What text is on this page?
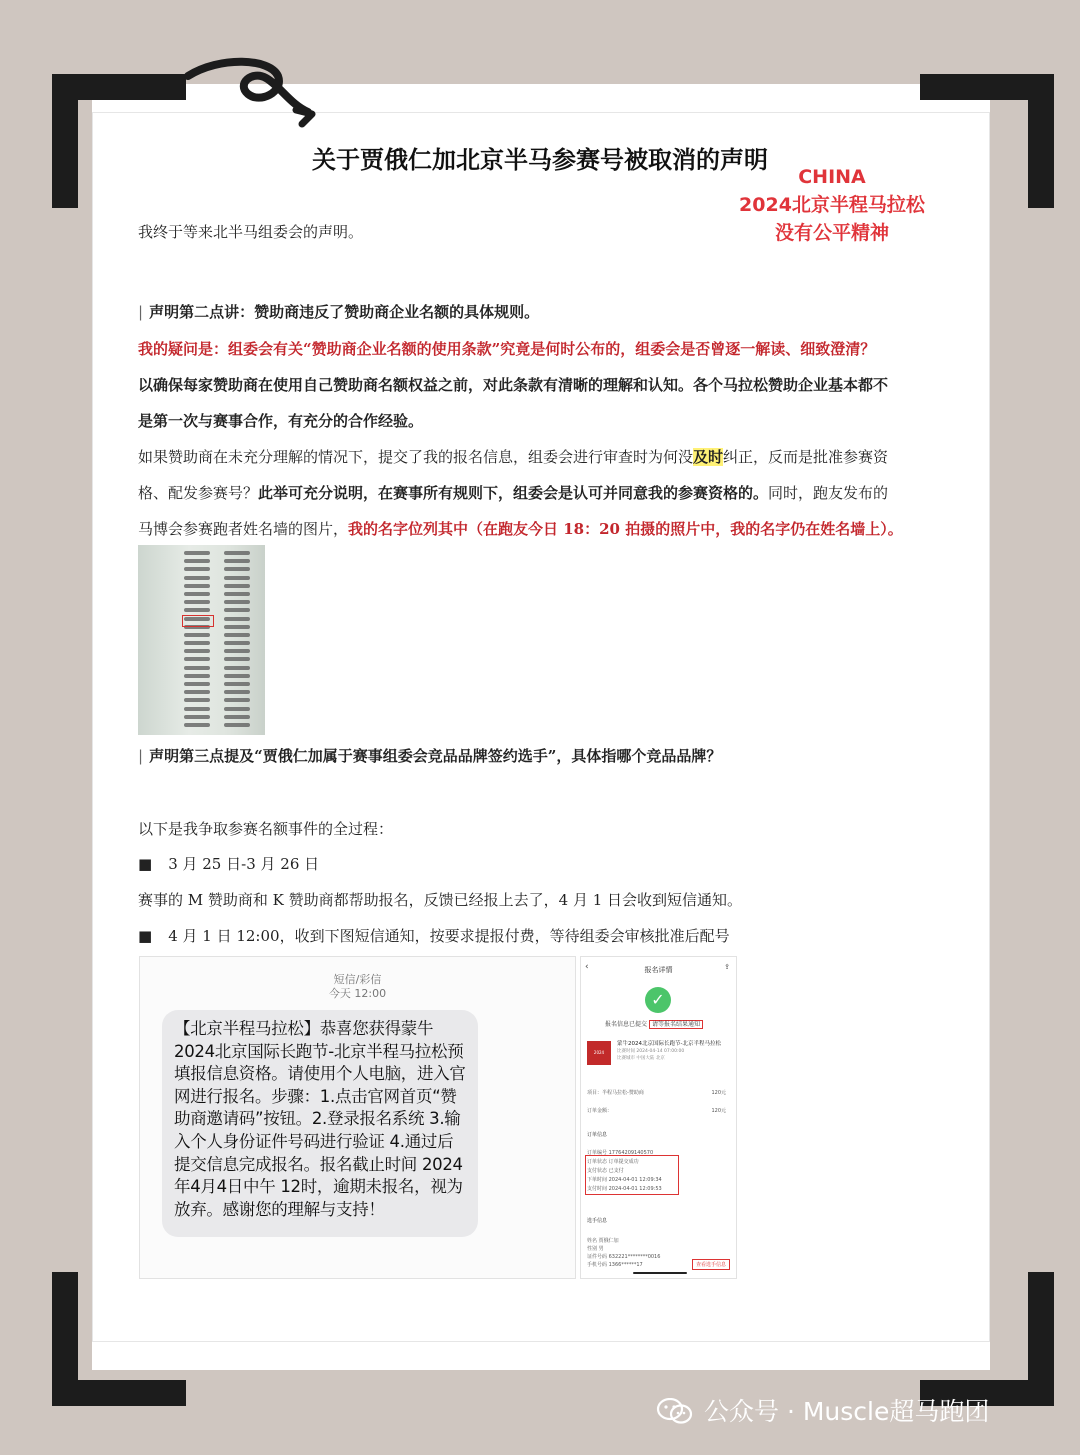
关于贾俄仁加北京半马参赛号被取消的声明
CHINA
2024北京半程马拉松
没有公平精神
我终于等来北半马组委会的声明。
| 声明第二点讲：赞助商违反了赞助商企业名额的具体规则。
我的疑问是：组委会有关“赞助商企业名额的使用条款”究竟是何时公布的，组委会是否曾逐一解读、细致澄清？
以确保每家赞助商在使用自己赞助商名额权益之前，对此条款有清晰的理解和认知。各个马拉松赞助企业基本都不
是第一次与赛事合作，有充分的合作经验。
如果赞助商在未充分理解的情况下，提交了我的报名信息，组委会进行审查时为何没及时纠正，反而是批准参赛资
格、配发参赛号？此举可充分说明，在赛事所有规则下，组委会是认可并同意我的参赛资格的。同时，跑友发布的
马博会参赛跑者姓名墙的图片，我的名字位列其中（在跑友今日 18：20 拍摄的照片中，我的名字仍在姓名墙上）。
| 声明第三点提及“贾俄仁加属于赛事组委会竞品品牌签约选手”，具体指哪个竞品品牌？
以下是我争取参赛名额事件的全过程：
■ 3 月 25 日-3 月 26 日
赛事的 M 赞助商和 K 赞助商都帮助报名，反馈已经报上去了，4 月 1 日会收到短信通知。
■ 4 月 1 日 12:00，收到下图短信通知，按要求提报付费，等待组委会审核批准后配号
短信/彩信
今天 12:00
【北京半程马拉松】恭喜您获得蒙牛2024北京国际长跑节-北京半程马拉松预填报信息资格。请使用个人电脑，进入官网进行报名。步骤：1.点击官网首页“赞助商邀请码”按钮。2.登录报名系统 3.输入个人身份证件号码进行验证 4.通过后提交信息完成报名。报名截止时间 2024年4月4日中午 12时，逾期未报名，视为放弃。感谢您的理解与支持！
‹	报名详情	⇪
✓
报名信息已提交 请等报名结果通知
2024
蒙牛2024北京国际长跑节-北京半程马拉松
比赛时间 2024-04-14 07:00:00
比赛城市 中国大陆 北京
项目：半程马拉松-赞助商	120元
订单金额：	120元
订单信息
订单编号 17764209140570
订单状态 订单提交成功
支付状态 已支付
下单时间 2024-04-01 12:09:34
支付时间 2024-04-01 12:09:53
选手信息
姓名 贾俄仁加
性别 男
证件号码 632221********0016
手机号码 1366******17	查看选手信息
公众号 · Muscle超马跑团
